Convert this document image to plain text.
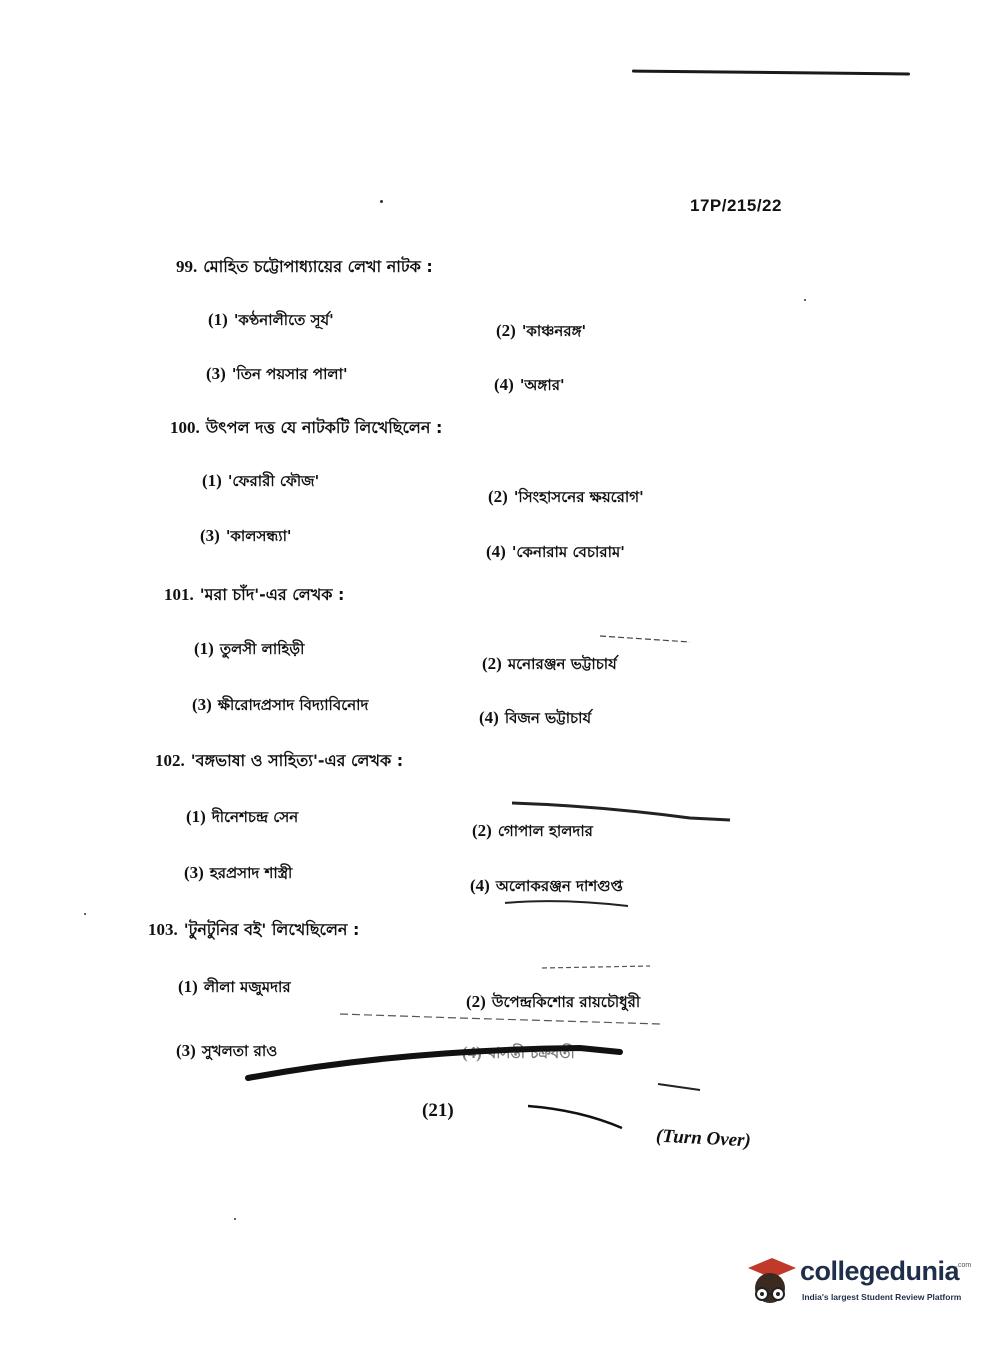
17P/215/22
99. মোহিত চট্টোপাধ্যায়ের লেখা নাটক :
(1) 'কণ্ঠনালীতে সূর্য'
(2) 'কাঞ্চনরঙ্গ'
(3) 'তিন পয়সার পালা'
(4) 'অঙ্গার'
100. উৎপল দত্ত যে নাটকটি লিখেছিলেন :
(1) 'ফেরারী ফৌজ'
(2) 'সিংহাসনের ক্ষয়রোগ'
(3) 'কালসন্ধ্যা'
(4) 'কেনারাম বেচারাম'
101. 'মরা চাঁদ'-এর লেখক :
(1) তুলসী লাহিড়ী
(2) মনোরঞ্জন ভট্টাচার্য
(3) ক্ষীরোদপ্রসাদ বিদ্যাবিনোদ
(4) বিজন ভট্টাচার্য
102. 'বঙ্গভাষা ও সাহিত্য'-এর লেখক :
(1) দীনেশচন্দ্র সেন
(2) গোপাল হালদার
(3) হরপ্রসাদ শাস্ত্রী
(4) অলোকরঞ্জন দাশগুপ্ত
103. 'টুনটুনির বই' লিখেছিলেন :
(1) লীলা মজুমদার
(2) উপেন্দ্রকিশোর রায়চৌধুরী
(3) সুখলতা রাও	(4) বাসন্তী চক্রবর্তী
(21)
(Turn Over)
collegedunia
.com
India's largest Student Review Platform
